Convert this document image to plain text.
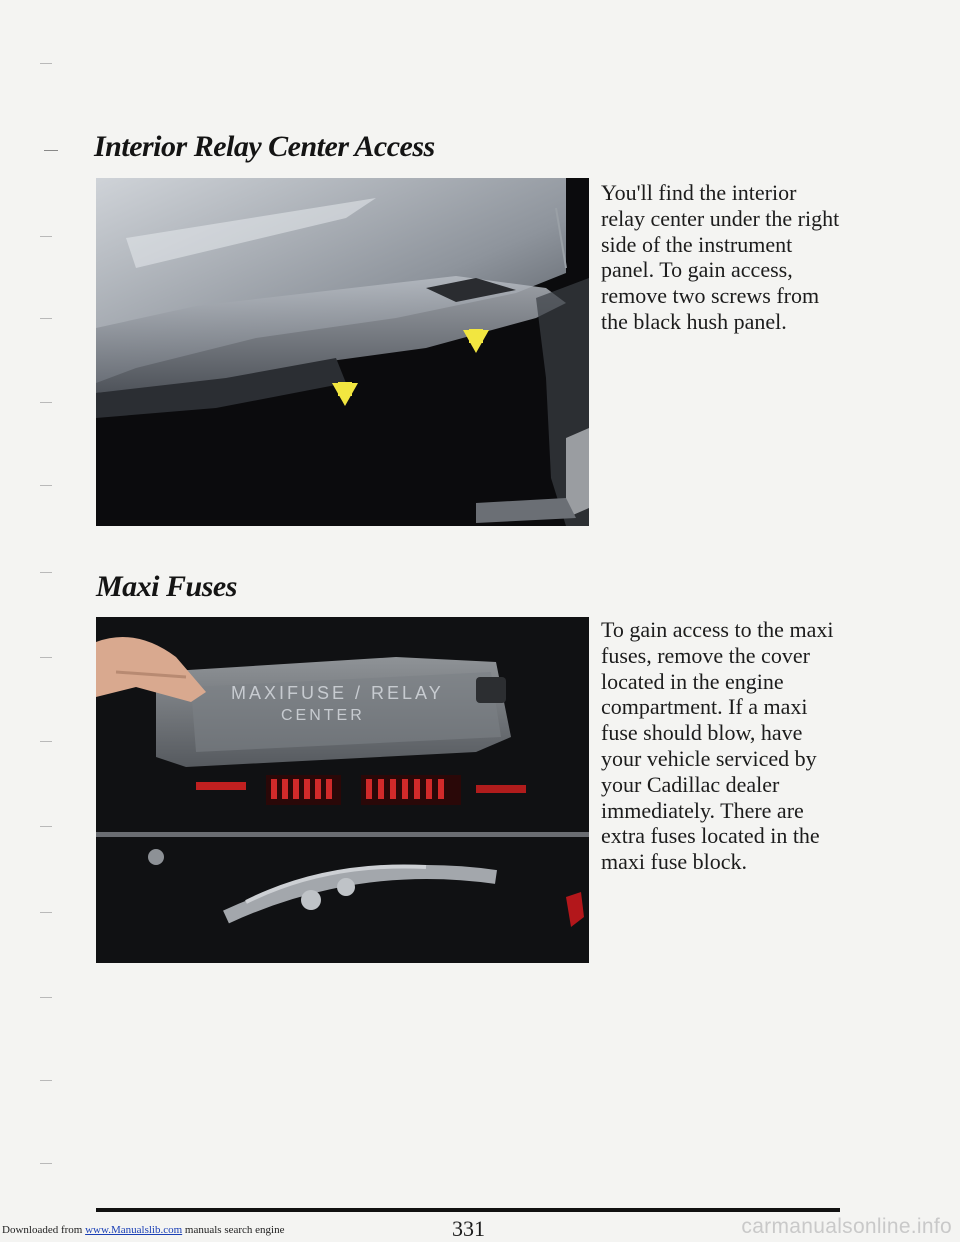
Interior Relay Center Access

You'll find the interior relay center under the right side of the instrument panel. To gain access, remove two screws from the black hush panel.

Maxi Fuses
MAXIFUSE / RELAY
CENTER

To gain access to the maxi fuses, remove the cover located in the engine compartment. If a maxi fuse should blow, have your vehicle serviced by your Cadillac dealer immediately. There are extra fuses located in the maxi fuse block.

331
Downloaded from www.Manualslib.com manuals search engine	carmanualsonline.info
